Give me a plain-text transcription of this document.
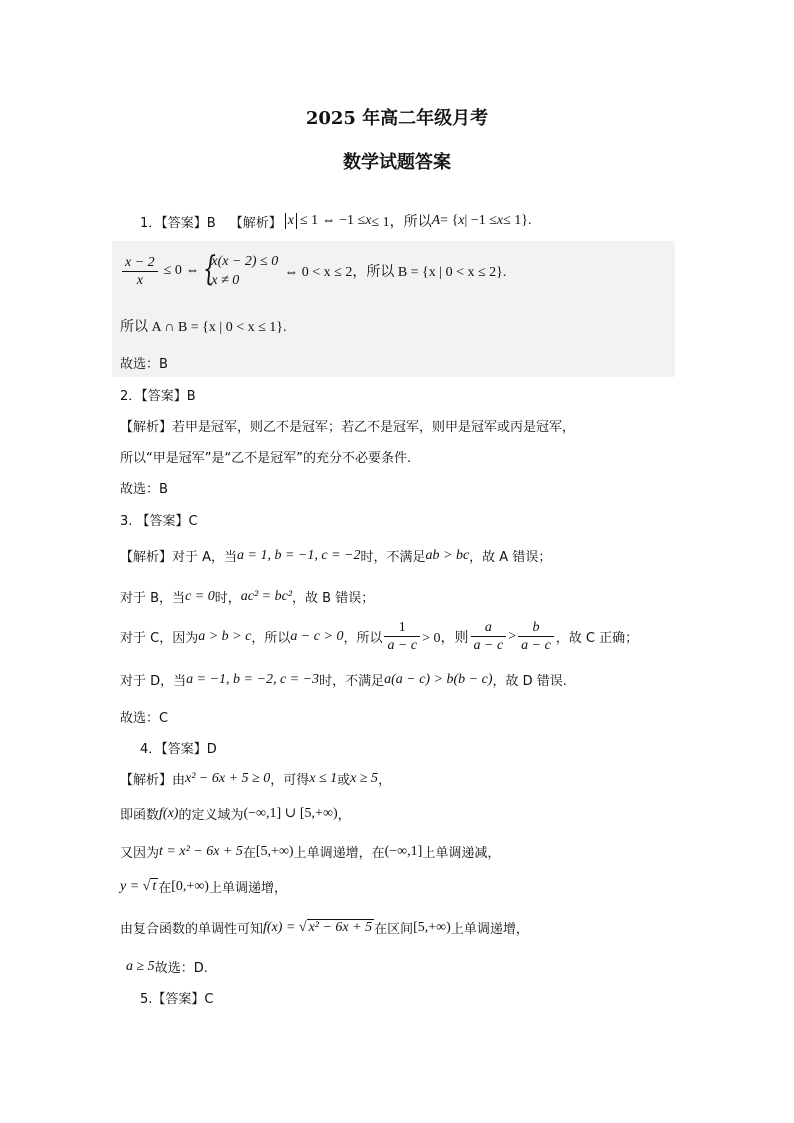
2025 年高二年级月考
数学试题答案
1．【答案】B 【解析】 x ≤ 1 ⇔ −1 ≤ x ≤ 1，所以 A = { x | −1 ≤ x ≤ 1}.
$\frac{x - 2}{x} \le 0$ ⇔ {
x(x − 2) ≤ 0
x ≠ 0
⇔ 0 < x ≤ 2，所以 B = {x | 0 < x ≤ 2}.
所以 A ∩ B = {x | 0 < x ≤ 1}.
故选：B
2．【答案】B
【解析】若甲是冠军，则乙不是冠军；若乙不是冠军，则甲是冠军或丙是冠军，
所以“甲是冠军”是“乙不是冠军”的充分不必要条件.
故选：B
3. 【答案】C
【解析】对于 A，当 a = 1, b = −1, c = −2 时，不满足 ab > bc ，故 A 错误；
对于 B，当 c = 0 时， ac² = bc² ，故 B 错误；
对于 C，因为 a > b > c ，所以 a − c > 0 ，所以 $\frac{1}{a - c} > 0$，则 $\frac{a}{a - c} > \frac{b}{a - c}$ ，故 C 正确；
对于 D，当 a = −1, b = −2, c = −3 时，不满足 a(a − c) > b(b − c) ，故 D 错误.
故选：C
4．【答案】D
【解析】由 x² − 6x + 5 ≥ 0 ，可得 x ≤ 1 或 x ≥ 5 ，
即函数 f(x) 的定义域为 (−∞,1] ∪ [5,+∞) ，
又因为 t = x² − 6x + 5 在 [5,+∞) 上单调递增，在 (−∞,1] 上单调递减，
y = √ t 在 [0,+∞) 上单调递增，
由复合函数的单调性可知 f(x) = √ x² − 6x + 5 在区间 [5,+∞) 上单调递增，
a ≥ 5 故选：D.
5.【答案】C
